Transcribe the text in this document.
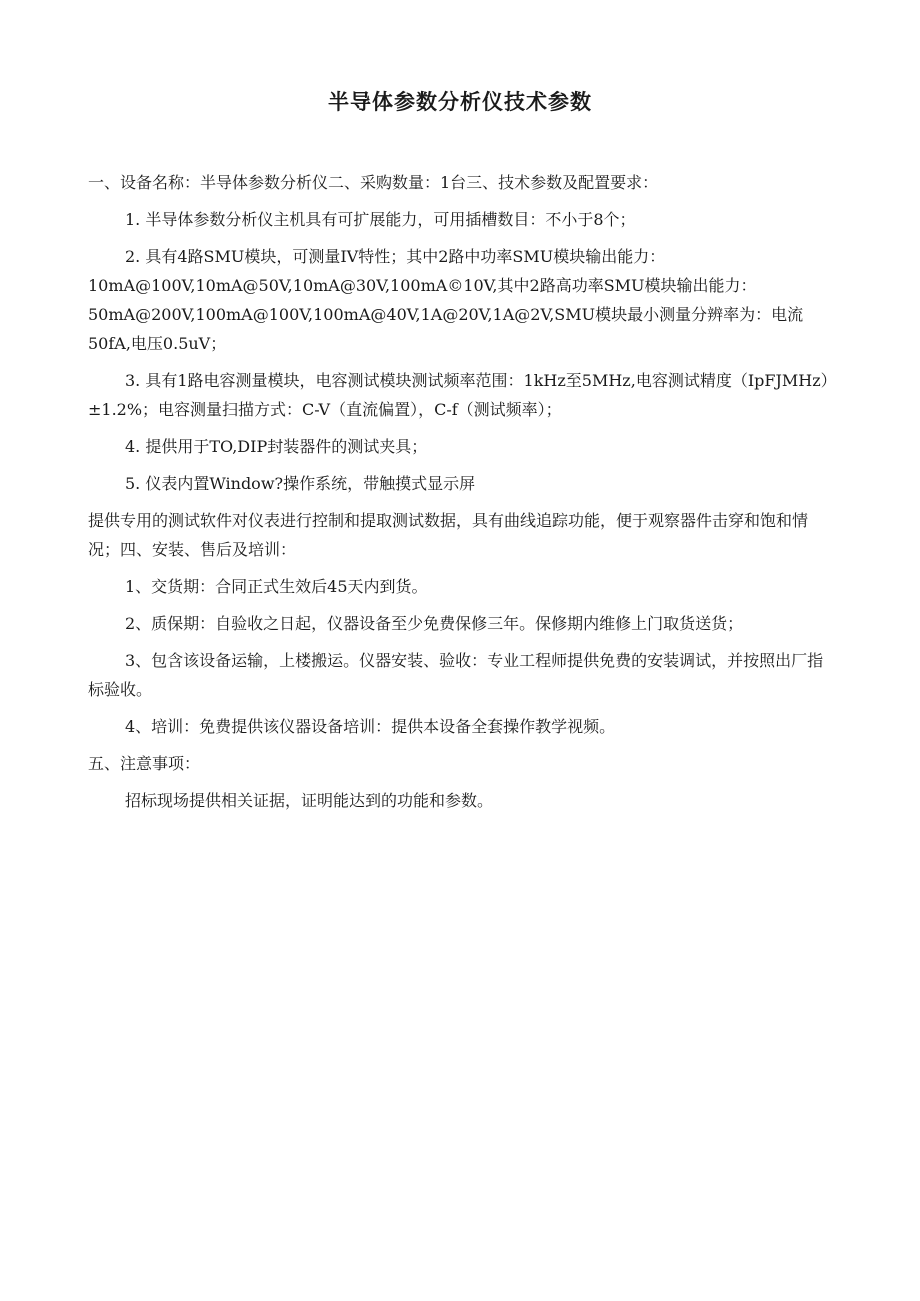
半导体参数分析仪技术参数

一、设备名称：半导体参数分析仪二、采购数量：1台三、技术参数及配置要求：

1. 半导体参数分析仪主机具有可扩展能力，可用插槽数目：不小于8个；

2. 具有4路SMU模块，可测量IV特性；其中2路中功率SMU模块输出能力：10mA@100V,10mA@50V,10mA@30V,100mA©10V,其中2路高功率SMU模块输出能力：50mA@200V,100mA@100V,100mA@40V,1A@20V,1A@2V,SMU模块最小测量分辨率为：电流50fA,电压0.5uV；

3. 具有1路电容测量模块，电容测试模块测试频率范围：1kHz至5MHz,电容测试精度（IpFJMHz）±1.2%；电容测量扫描方式：C-V（直流偏置），C-f（测试频率）；

4. 提供用于TO,DIP封装器件的测试夹具；

5. 仪表内置Window?操作系统，带触摸式显示屏

提供专用的测试软件对仪表进行控制和提取测试数据，具有曲线追踪功能，便于观察器件击穿和饱和情况；四、安装、售后及培训：

1、交货期：合同正式生效后45天内到货。

2、质保期：自验收之日起，仪器设备至少免费保修三年。保修期内维修上门取货送货；

3、包含该设备运输，上楼搬运。仪器安装、验收：专业工程师提供免费的安装调试，并按照出厂指标验收。

4、培训：免费提供该仪器设备培训：提供本设备全套操作教学视频。

五、注意事项：

招标现场提供相关证据，证明能达到的功能和参数。
